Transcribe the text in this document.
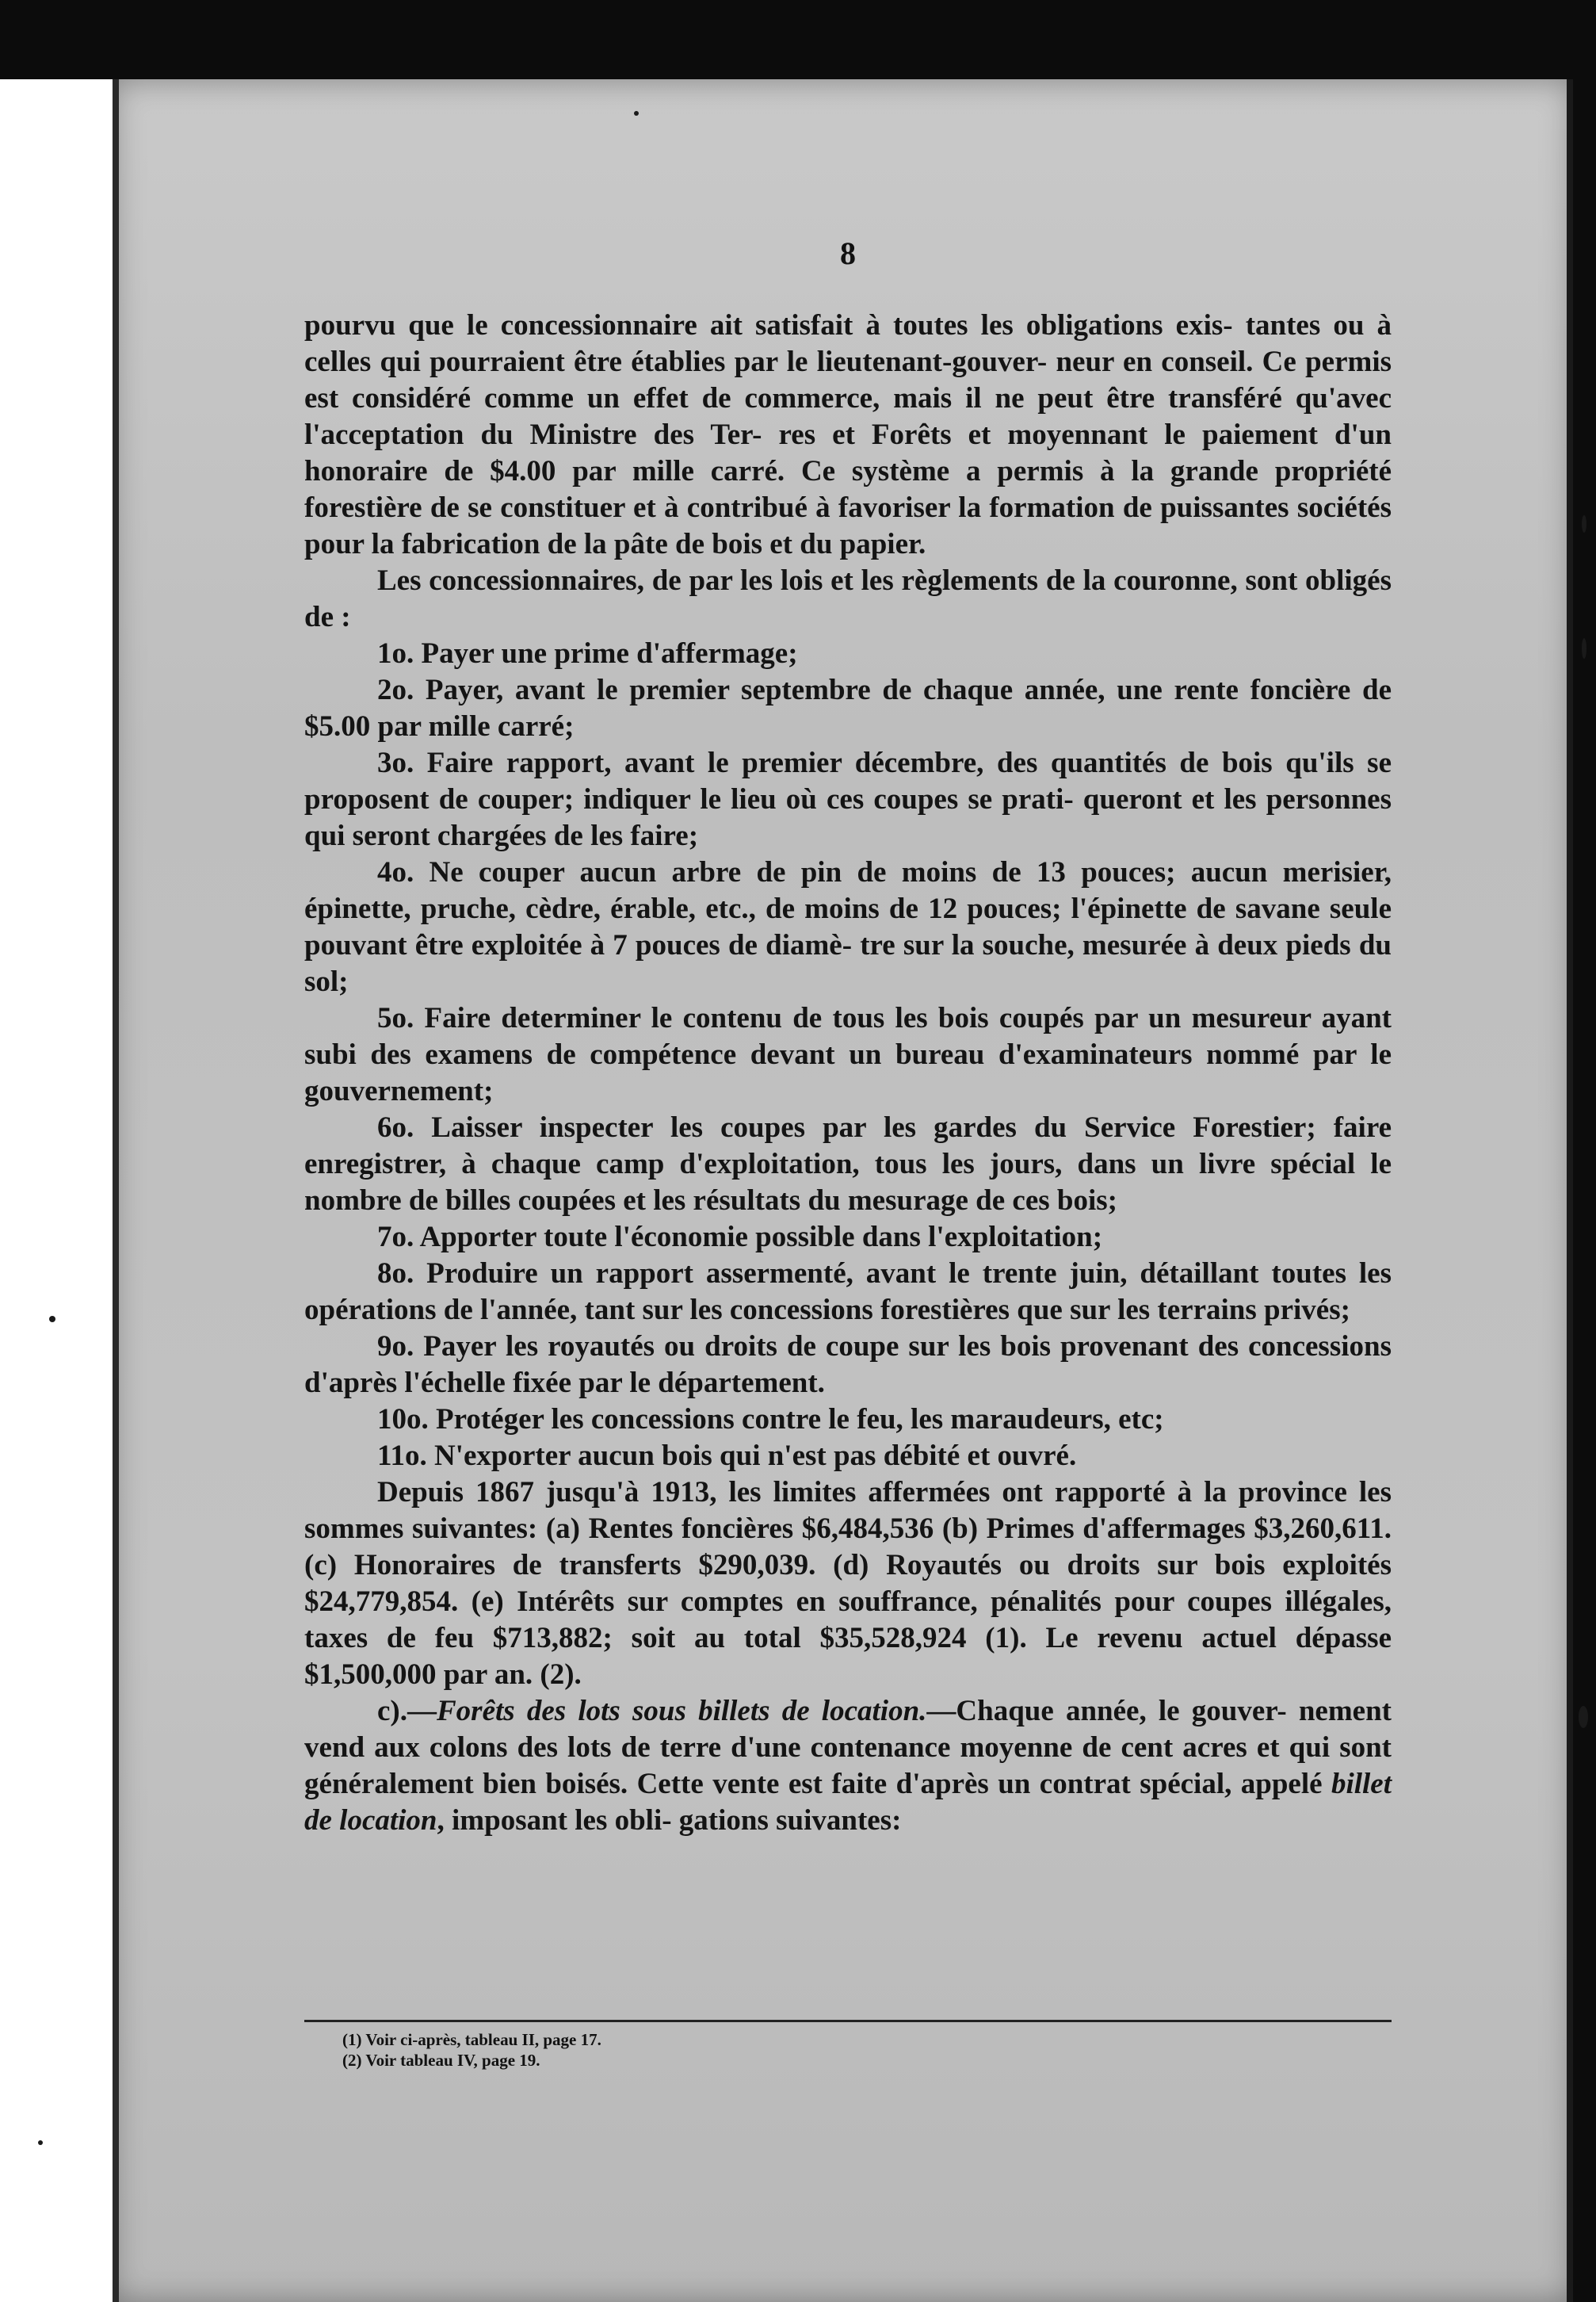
8

pourvu que le concessionnaire ait satisfait à toutes les obligations exis- tantes ou à celles qui pourraient être établies par le lieutenant-gouver- neur en conseil. Ce permis est considéré comme un effet de commerce, mais il ne peut être transféré qu'avec l'acceptation du Ministre des Ter- res et Forêts et moyennant le paiement d'un honoraire de $4.00 par mille carré. Ce système a permis à la grande propriété forestière de se constituer et à contribué à favoriser la formation de puissantes sociétés pour la fabrication de la pâte de bois et du papier.

Les concessionnaires, de par les lois et les règlements de la couronne, sont obligés de :

1o. Payer une prime d'affermage;

2o. Payer, avant le premier septembre de chaque année, une rente foncière de $5.00 par mille carré;

3o. Faire rapport, avant le premier décembre, des quantités de bois qu'ils se proposent de couper; indiquer le lieu où ces coupes se prati- queront et les personnes qui seront chargées de les faire;

4o. Ne couper aucun arbre de pin de moins de 13 pouces; aucun merisier, épinette, pruche, cèdre, érable, etc., de moins de 12 pouces; l'épinette de savane seule pouvant être exploitée à 7 pouces de diamè- tre sur la souche, mesurée à deux pieds du sol;

5o. Faire determiner le contenu de tous les bois coupés par un mesureur ayant subi des examens de compétence devant un bureau d'examinateurs nommé par le gouvernement;

6o. Laisser inspecter les coupes par les gardes du Service Forestier; faire enregistrer, à chaque camp d'exploitation, tous les jours, dans un livre spécial le nombre de billes coupées et les résultats du mesurage de ces bois;

7o. Apporter toute l'économie possible dans l'exploitation;

8o. Produire un rapport assermenté, avant le trente juin, détaillant toutes les opérations de l'année, tant sur les concessions forestières que sur les terrains privés;

9o. Payer les royautés ou droits de coupe sur les bois provenant des concessions d'après l'échelle fixée par le département.

10o. Protéger les concessions contre le feu, les maraudeurs, etc;

11o. N'exporter aucun bois qui n'est pas débité et ouvré.

Depuis 1867 jusqu'à 1913, les limites affermées ont rapporté à la province les sommes suivantes: (a) Rentes foncières $6,484,536 (b) Primes d'affermages $3,260,611. (c) Honoraires de transferts $290,039. (d) Royautés ou droits sur bois exploités $24,779,854. (e) Intérêts sur comptes en souffrance, pénalités pour coupes illégales, taxes de feu $713,882; soit au total $35,528,924 (1). Le revenu actuel dépasse $1,500,000 par an. (2).

c).—Forêts des lots sous billets de location.—Chaque année, le gouver- nement vend aux colons des lots de terre d'une contenance moyenne de cent acres et qui sont généralement bien boisés. Cette vente est faite d'après un contrat spécial, appelé billet de location, imposant les obli- gations suivantes:

(1) Voir ci-après, tableau II, page 17.
(2) Voir tableau IV, page 19.
